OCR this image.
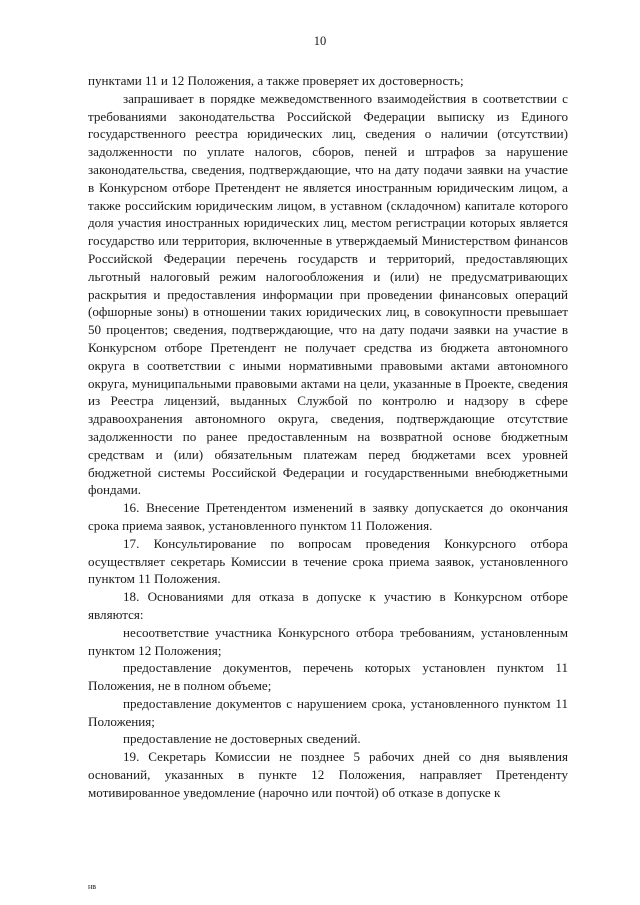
10

пунктами 11 и 12 Положения, а также проверяет их достоверность;

запрашивает в порядке межведомственного взаимодействия в соответствии с требованиями законодательства Российской Федерации выписку из Единого государственного реестра юридических лиц, сведения о наличии (отсутствии) задолженности по уплате налогов, сборов, пеней и штрафов за нарушение законодательства, сведения, подтверждающие, что на дату подачи заявки на участие в Конкурсном отборе Претендент не является иностранным юридическим лицом, а также российским юридическим лицом, в уставном (складочном) капитале которого доля участия иностранных юридических лиц, местом регистрации которых является государство или территория, включенные в утверждаемый Министерством финансов Российской Федерации перечень государств и территорий, предоставляющих льготный налоговый режим налогообложения и (или) не предусматривающих раскрытия и предоставления информации при проведении финансовых операций (офшорные зоны) в отношении таких юридических лиц, в совокупности превышает 50 процентов; сведения, подтверждающие, что на дату подачи заявки на участие в Конкурсном отборе Претендент не получает средства из бюджета автономного округа в соответствии с иными нормативными правовыми актами автономного округа, муниципальными правовыми актами на цели, указанные в Проекте, сведения из Реестра лицензий, выданных Службой по контролю и надзору в сфере здравоохранения автономного округа, сведения, подтверждающие отсутствие задолженности по ранее предоставленным на возвратной основе бюджетным средствам и (или) обязательным платежам перед бюджетами всех уровней бюджетной системы Российской Федерации и государственными внебюджетными фондами.

16. Внесение Претендентом изменений в заявку допускается до окончания срока приема заявок, установленного пунктом 11 Положения.

17. Консультирование по вопросам проведения Конкурсного отбора осуществляет секретарь Комиссии в течение срока приема заявок, установленного пунктом 11 Положения.

18. Основаниями для отказа в допуске к участию в Конкурсном отборе являются:

несоответствие участника Конкурсного отбора требованиям, установленным пунктом 12 Положения;

предоставление документов, перечень которых установлен пунктом 11 Положения, не в полном объеме;

предоставление документов с нарушением срока, установленного пунктом 11 Положения;

предоставление не достоверных сведений.

19. Секретарь Комиссии не позднее 5 рабочих дней со дня выявления оснований, указанных в пункте 12 Положения, направляет Претенденту мотивированное уведомление (нарочно или почтой) об отказе в допуске к

нв
